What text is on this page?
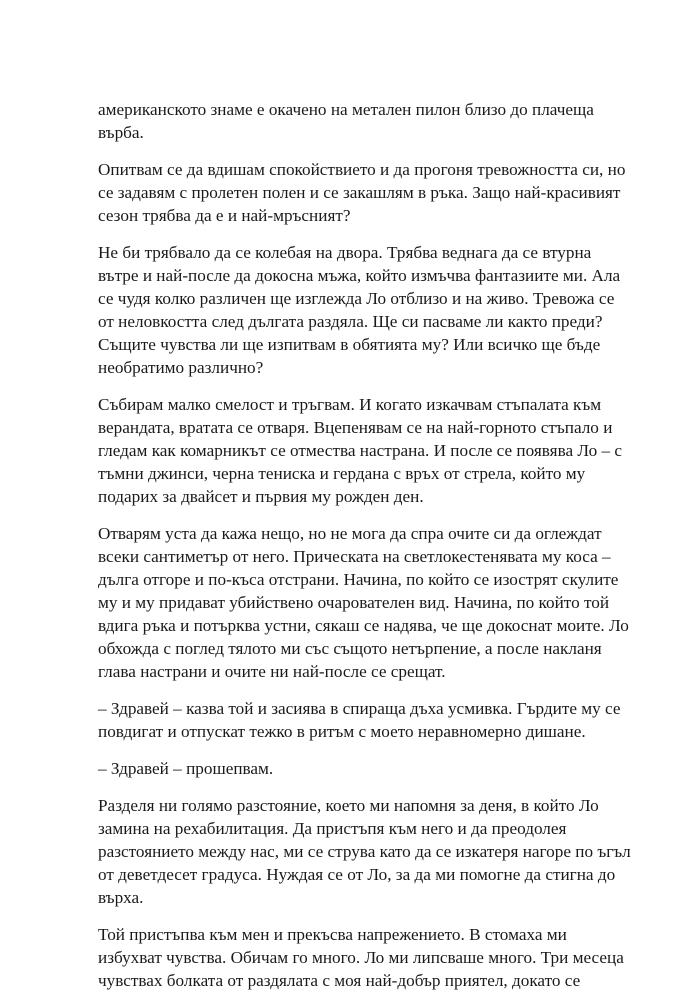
американското знаме е окачено на метален пилон близо до плачеща
върба.

Опитвам се да вдишам спокойствието и да прогоня тревожността си, но
се задавям с пролетен полен и се закашлям в ръка. Защо най-красивият
сезон трябва да е и най-мръсният?

Не би трябвало да се колебая на двора. Трябва веднага да се втурна
вътре и най-после да докосна мъжа, който измъчва фантазиите ми. Ала
се чудя колко различен ще изглежда Ло отблизо и на живо. Тревожа се
от неловкостта след дългата раздяла. Ще си пасваме ли както преди?
Същите чувства ли ще изпитвам в обятията му? Или всичко ще бъде
необратимо различно?

Събирам малко смелост и тръгвам. И когато изкачвам стъпалата към
верандата, вратата се отваря. Вцепенявам се на най-горното стъпало и
гледам как комарникът се отмества настрана. И после се появява Ло – с
тъмни джинси, черна тениска и гердана с връх от стрела, който му
подарих за двайсет и първия му рожден ден.

Отварям уста да кажа нещо, но не мога да спра очите си да оглеждат
всеки сантиметър от него. Прическата на светлокестенявата му коса –
дълга отгоре и по-къса отстрани. Начина, по който се изострят скулите
му и му придават убийствено очарователен вид. Начина, по който той
вдига ръка и потърква устни, сякаш се надява, че ще докоснат моите. Ло
обхожда с поглед тялото ми със същото нетърпение, а после накланя
глава настрани и очите ни най-после се срещат.

– Здравей – казва той и засиява в спираща дъха усмивка. Гърдите му се
повдигат и отпускат тежко в ритъм с моето неравномерно дишане.

– Здравей – прошепвам.

Разделя ни голямо разстояние, което ми напомня за деня, в който Ло
замина на рехабилитация. Да пристъпя към него и да преодолея
разстоянието между нас, ми се струва като да се изкатеря нагоре по ъгъл
от деветдесет градуса. Нуждая се от Ло, за да ми помогне да стигна до
върха.

Той пристъпва към мен и прекъсва напрежението. В стомаха ми
избухват чувства. Обичам го много. Ло ми липсваше много. Три месеца
чувствах болката от раздялата с моя най-добър приятел, докато се
